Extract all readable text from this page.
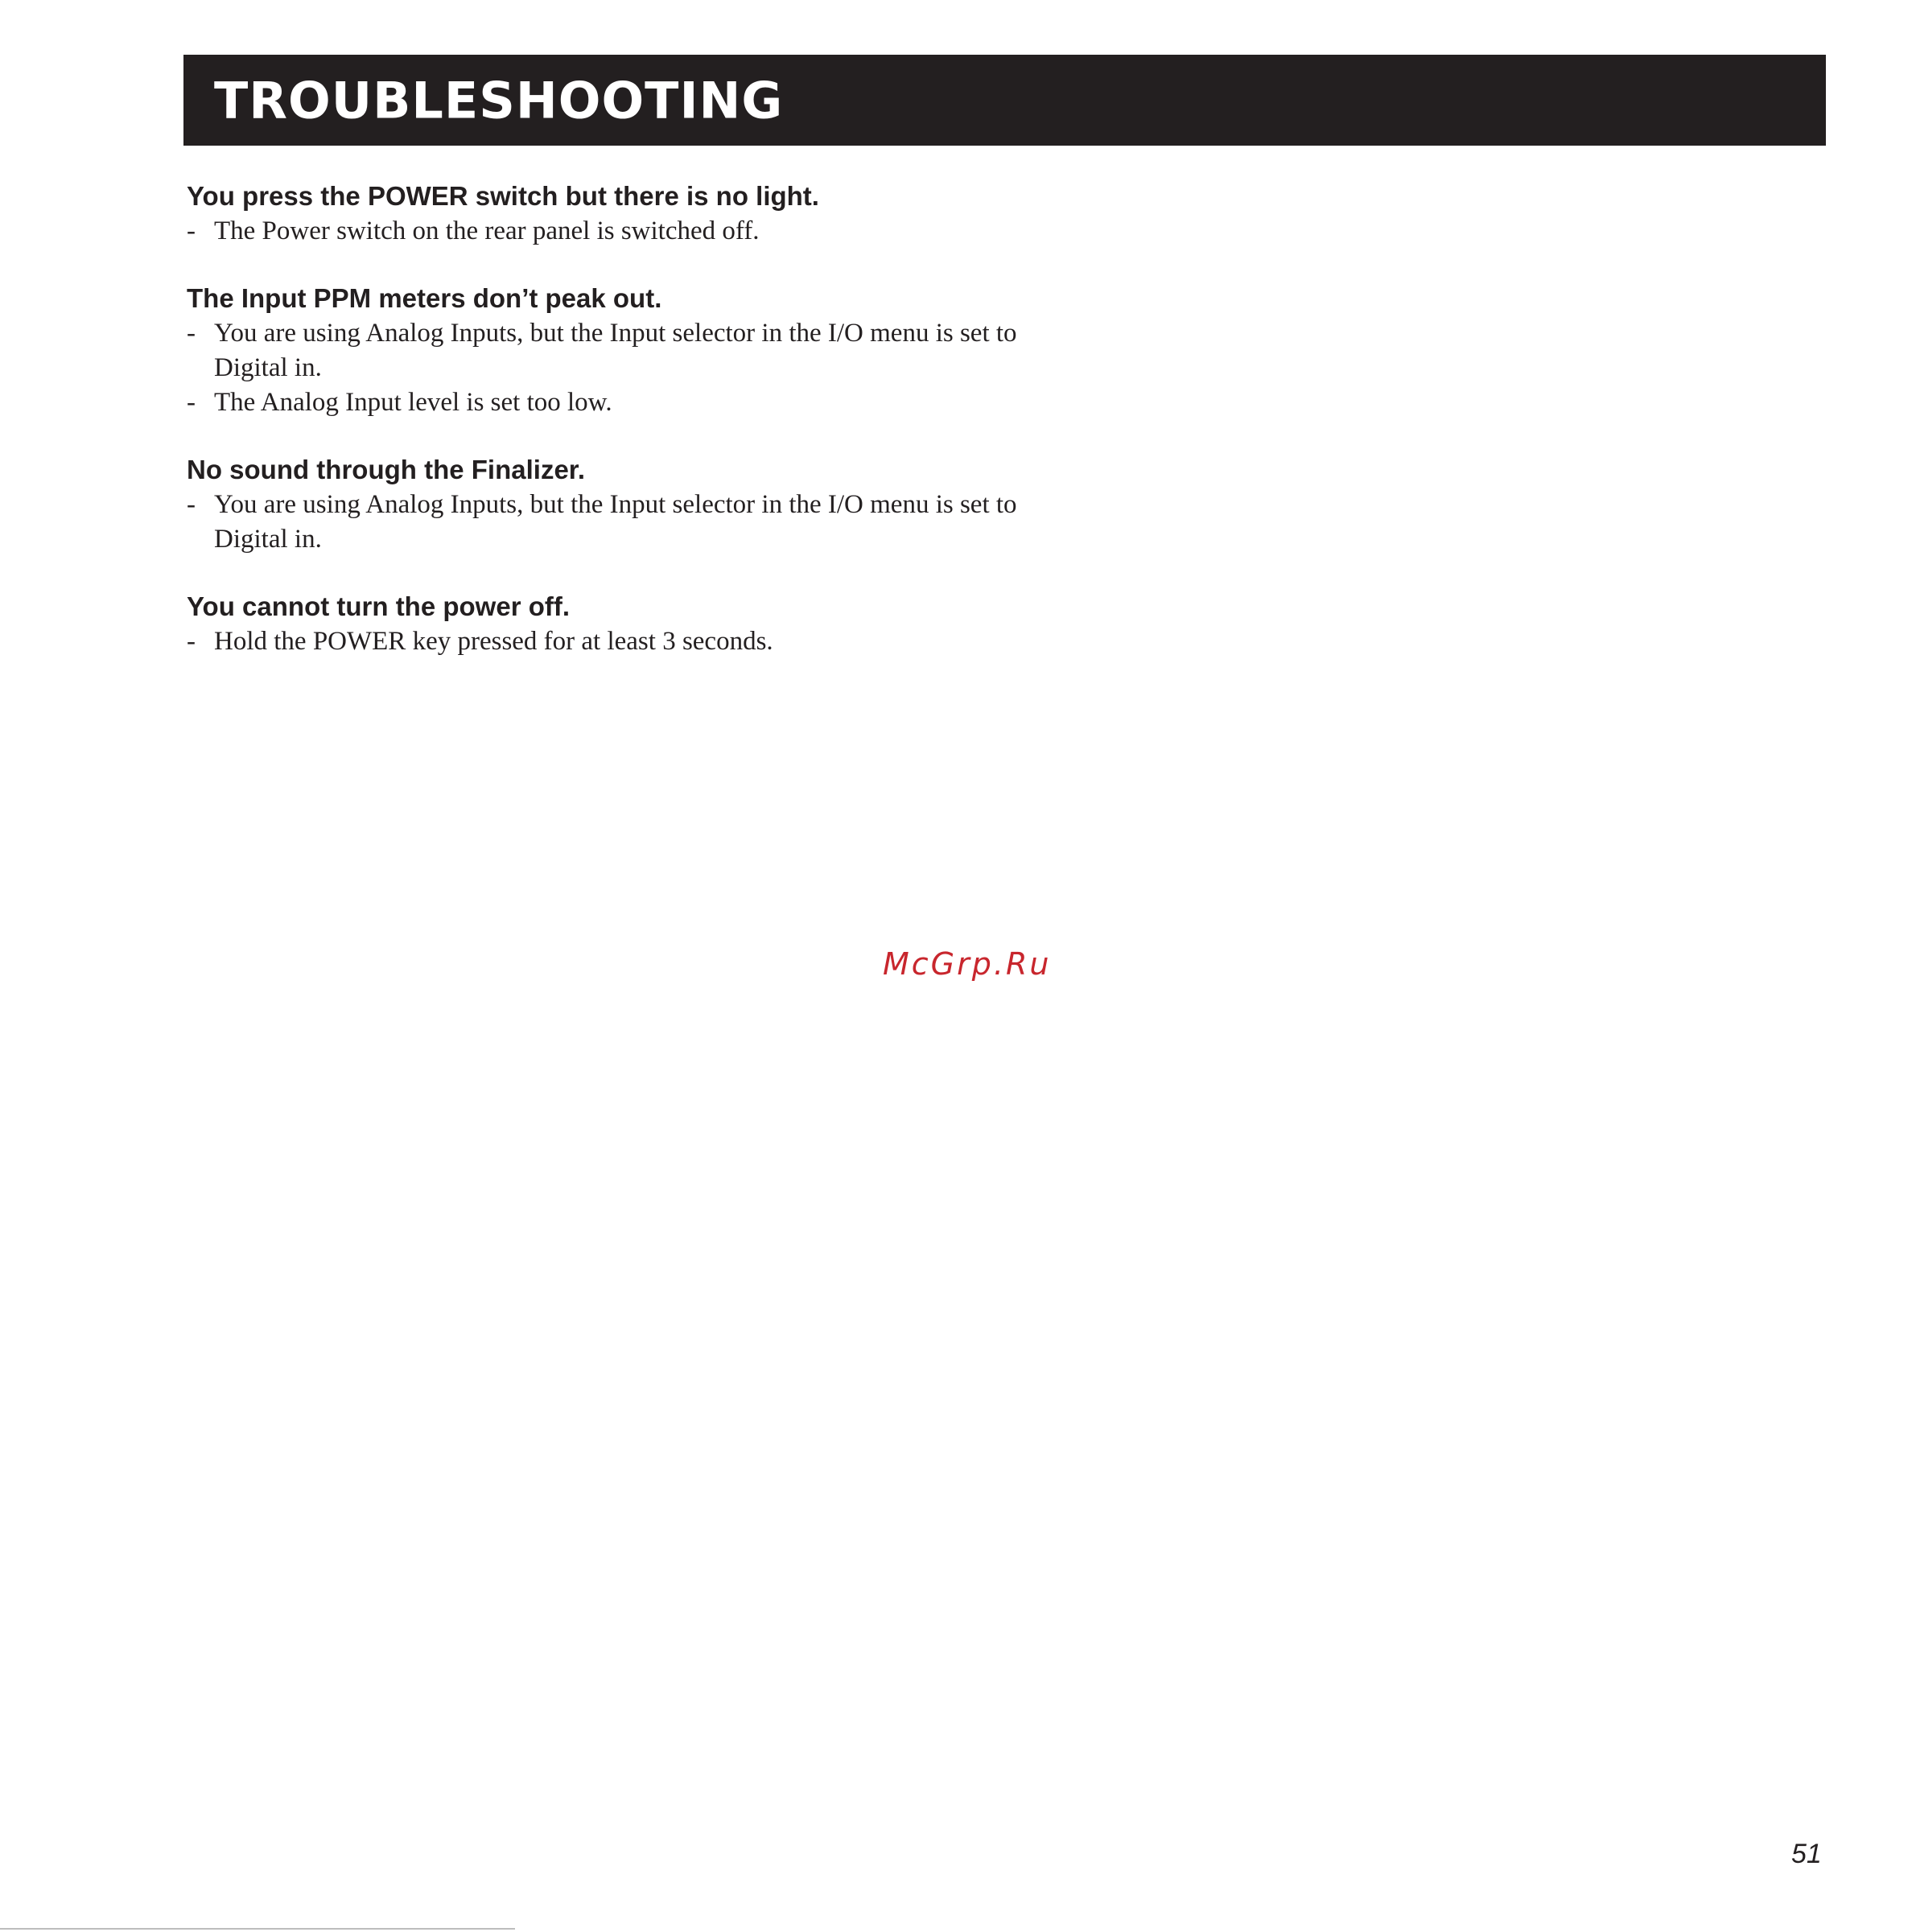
TROUBLESHOOTING
You press the POWER switch but there is no light.
- The Power switch on the rear panel is switched off.
The Input PPM meters don’t peak out.
- You are using Analog Inputs, but the Input selector in the I/O menu is set to Digital in.
- The Analog Input level is set too low.
No sound through the Finalizer.
- You are using Analog Inputs, but the Input selector in the I/O menu is set to Digital in.
You cannot turn the power off.
- Hold the POWER key pressed for at least 3 seconds.
McGrp.Ru
51
